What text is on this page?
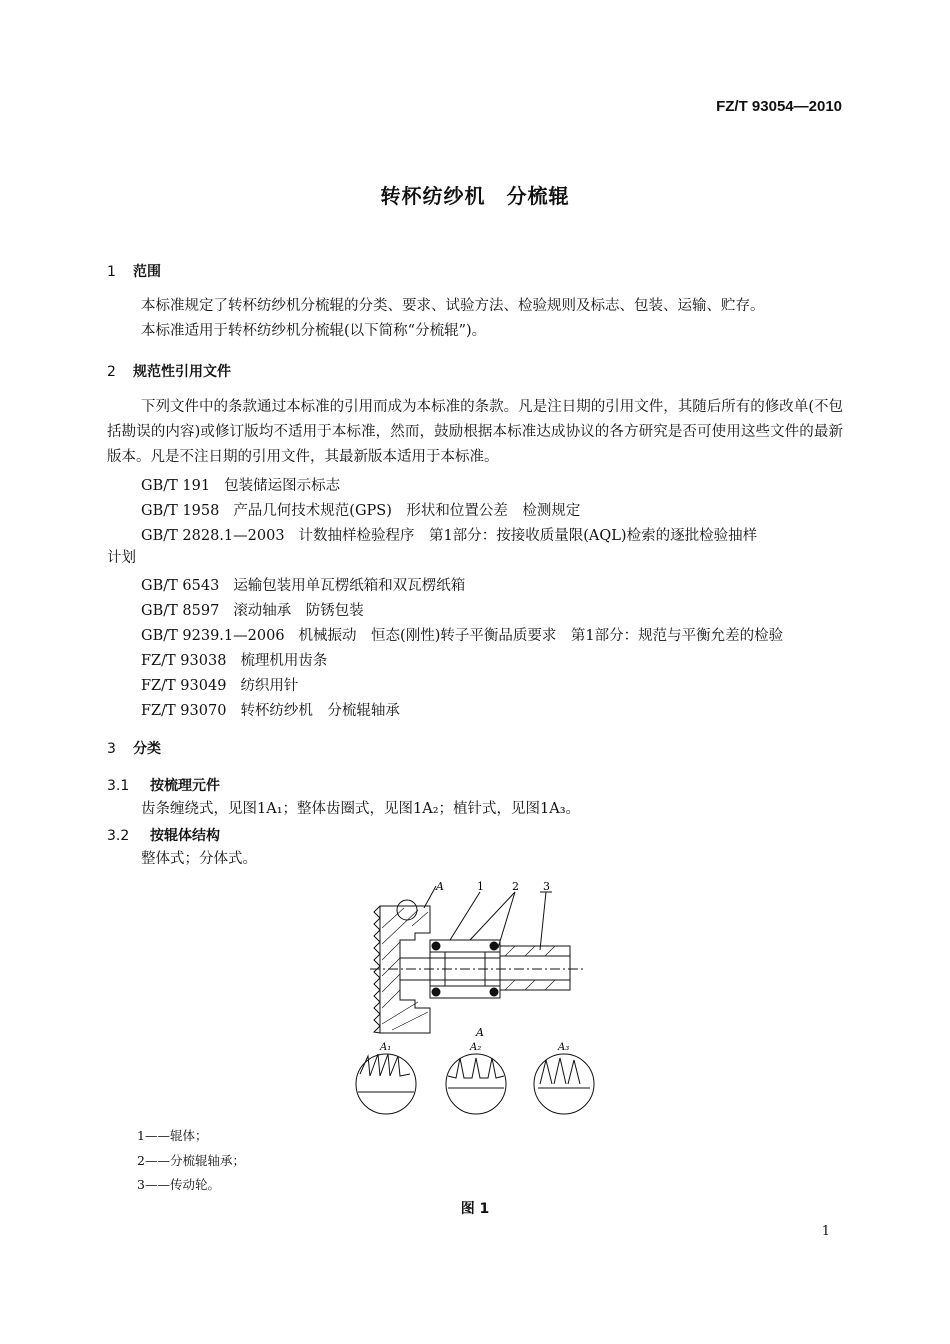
FZ/T 93054—2010
转杯纺纱机　分梳辊
1 范围
本标准规定了转杯纺纱机分梳辊的分类、要求、试验方法、检验规则及标志、包装、运输、贮存。
本标准适用于转杯纺纱机分梳辊(以下简称“分梳辊”)。
2 规范性引用文件
下列文件中的条款通过本标准的引用而成为本标准的条款。凡是注日期的引用文件，其随后所有的修改单(不包括勘误的内容)或修订版均不适用于本标准，然而，鼓励根据本标准达成协议的各方研究是否可使用这些文件的最新版本。凡是不注日期的引用文件，其最新版本适用于本标准。
GB/T 191 包装储运图示标志
GB/T 1958 产品几何技术规范(GPS)　形状和位置公差　检测规定
GB/T 2828.1—2003 计数抽样检验程序　第1部分：按接收质量限(AQL)检索的逐批检验抽样
计划
GB/T 6543 运输包装用单瓦楞纸箱和双瓦楞纸箱
GB/T 8597 滚动轴承　防锈包装
GB/T 9239.1—2006 机械振动　恒态(刚性)转子平衡品质要求　第1部分：规范与平衡允差的检验
FZ/T 93038 梳理机用齿条
FZ/T 93049 纺织用针
FZ/T 93070 转杯纺纱机　分梳辊轴承
3 分类
3.1 按梳理元件
齿条缠绕式，见图1A₁；整体齿圈式，见图1A₂；植针式，见图1A₃。
3.2 按辊体结构
整体式；分体式。
A	1	2 3
A
A₁	A₂	A₃
1——辊体；
2——分梳辊轴承；
3——传动轮。
图 1
1
